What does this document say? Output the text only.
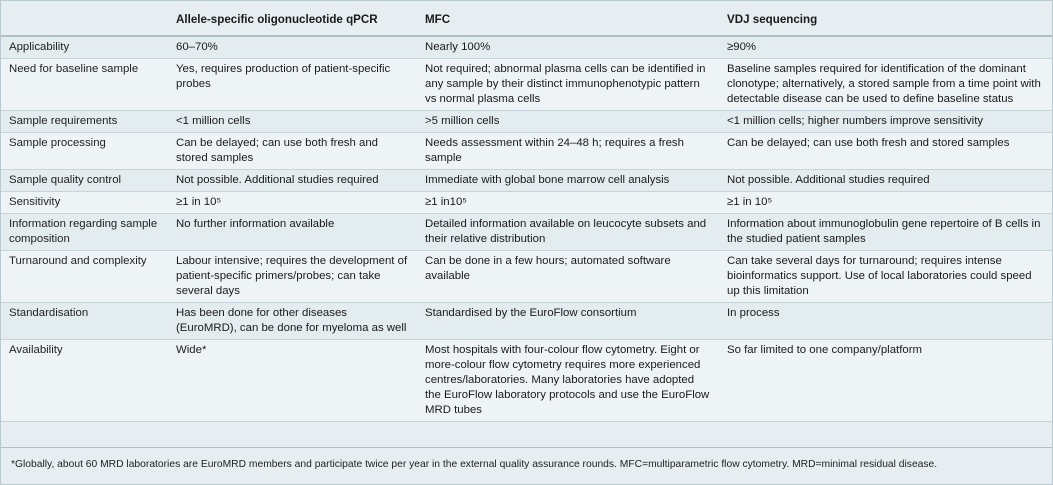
	Allele-specific oligonucleotide qPCR	MFC	VDJ sequencing
Applicability	60–70%	Nearly 100%	≥90%
Need for baseline sample	Yes, requires production of patient-specific probes	Not required; abnormal plasma cells can be identified in any sample by their distinct immunophenotypic pattern vs normal plasma cells	Baseline samples required for identification of the dominant clonotype; alternatively, a stored sample from a time point with detectable disease can be used to define baseline status
Sample requirements	<1 million cells	>5 million cells	<1 million cells; higher numbers improve sensitivity
Sample processing	Can be delayed; can use both fresh and stored samples	Needs assessment within 24–48 h; requires a fresh sample	Can be delayed; can use both fresh and stored samples
Sample quality control	Not possible. Additional studies required	Immediate with global bone marrow cell analysis	Not possible. Additional studies required
Sensitivity	≥1 in 10⁵	≥1 in10⁵	≥1 in 10⁵
Information regarding sample composition	No further information available	Detailed information available on leucocyte subsets and their relative distribution	Information about immunoglobulin gene repertoire of B cells in the studied patient samples
Turnaround and complexity	Labour intensive; requires the development of patient-specific primers/probes; can take several days	Can be done in a few hours; automated software available	Can take several days for turnaround; requires intense bioinformatics support. Use of local laboratories could speed up this limitation
Standardisation	Has been done for other diseases (EuroMRD), can be done for myeloma as well	Standardised by the EuroFlow consortium	In process
Availability	Wide*	Most hospitals with four-colour flow cytometry. Eight or more-colour flow cytometry requires more experienced centres/laboratories. Many laboratories have adopted the EuroFlow laboratory protocols and use the EuroFlow MRD tubes	So far limited to one company/platform
*Globally, about 60 MRD laboratories are EuroMRD members and participate twice per year in the external quality assurance rounds. MFC=multiparametric flow cytometry. MRD=minimal residual disease.
